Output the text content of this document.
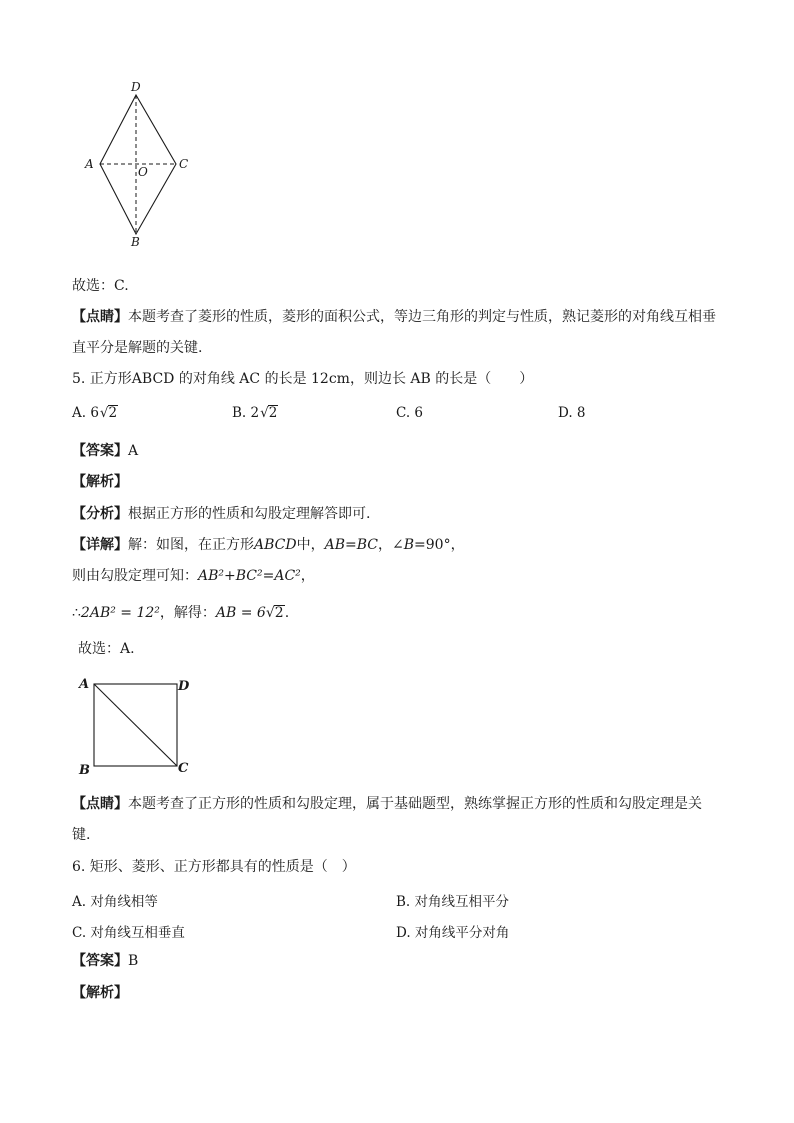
D
A	C
B
O
故选：C.
【点睛】本题考查了菱形的性质，菱形的面积公式，等边三角形的判定与性质，熟记菱形的对角线互相垂
直平分是解题的关键.
5. 正方形ABCD 的对角线 AC 的长是 12cm，则边长 AB 的长是（　　）
A. 6√2	B. 2√2	C. 6	D. 8
【答案】A
【解析】
【分析】根据正方形的性质和勾股定理解答即可.
【详解】解：如图，在正方形ABCD中，AB=BC，∠B=90°，
则由勾股定理可知：AB²+BC²=AC²，
∴2AB² = 12²，解得：AB = 6√2.
故选：A.
A	D
B	C
【点睛】本题考查了正方形的性质和勾股定理，属于基础题型，熟练掌握正方形的性质和勾股定理是关
键.
6. 矩形、菱形、正方形都具有的性质是（　）
A. 对角线相等	B. 对角线互相平分
C. 对角线互相垂直	D. 对角线平分对角
【答案】B
【解析】
